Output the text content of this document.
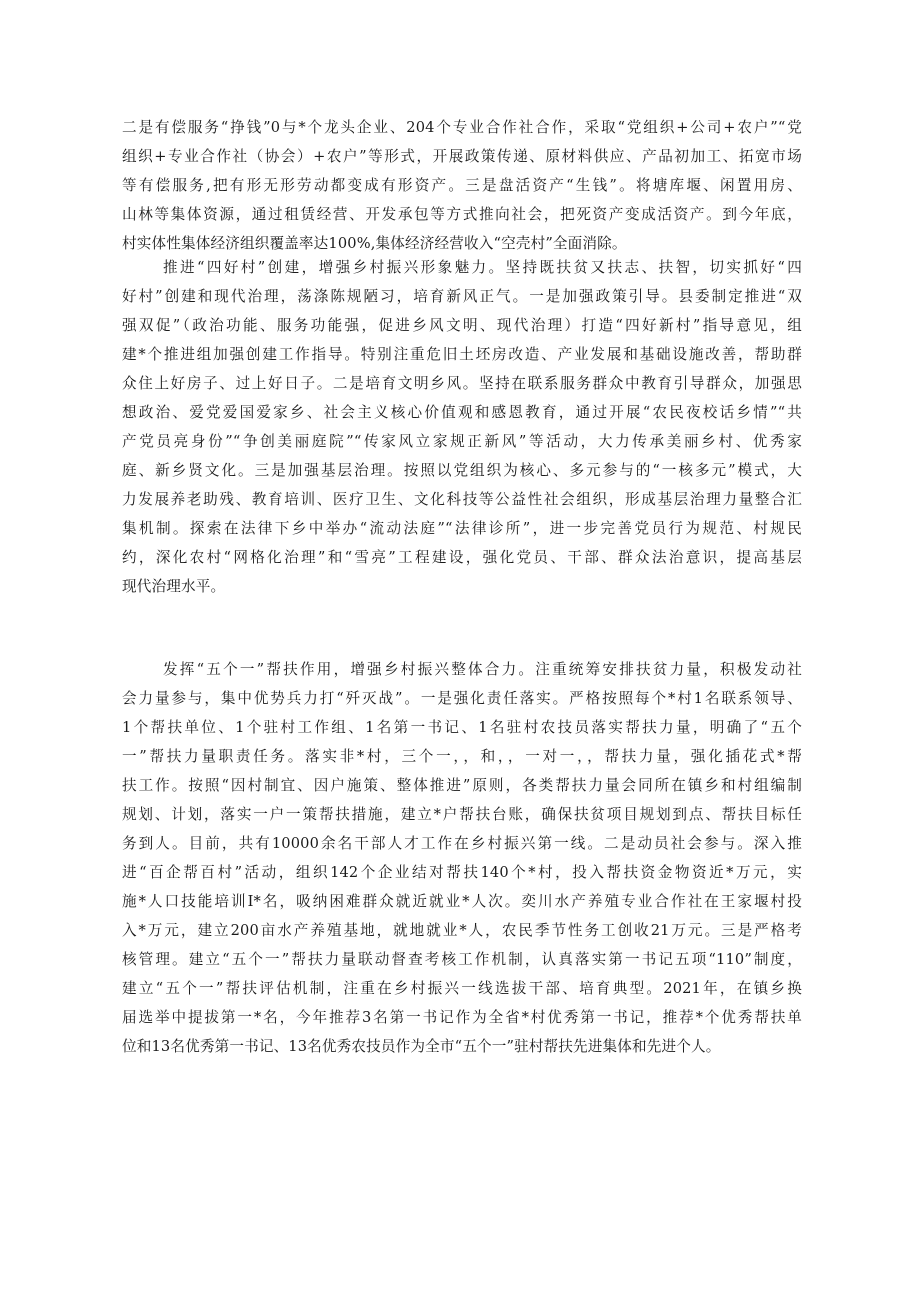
二是有偿服务“挣钱”0与*个龙头企业、204个专业合作社合作，采取“党组织+公司+农户”“党
组织+专业合作社（协会）+农户”等形式，开展政策传递、原材料供应、产品初加工、拓宽市场
等有偿服务,把有形无形劳动都变成有形资产。三是盘活资产“生钱”。将塘库堰、闲置用房、
山林等集体资源，通过租赁经营、开发承包等方式推向社会，把死资产变成活资产。到今年底，
村实体性集体经济组织覆盖率达100%,集体经济经营收入“空壳村”全面消除。
推进“四好村”创建，增强乡村振兴形象魅力。坚持既扶贫又扶志、扶智，切实抓好“四
好村”创建和现代治理，荡涤陈规陋习，培育新风正气。一是加强政策引导。县委制定推进“双
强双促”（政治功能、服务功能强，促进乡风文明、现代治理）打造“四好新村”指导意见，组
建*个推进组加强创建工作指导。特别注重危旧土坯房改造、产业发展和基础设施改善，帮助群
众住上好房子、过上好日子。二是培育文明乡风。坚持在联系服务群众中教育引导群众，加强思
想政治、爱党爱国爱家乡、社会主义核心价值观和感恩教育，通过开展“农民夜校话乡情”“共
产党员亮身份”“争创美丽庭院”“传家风立家规正新风”等活动，大力传承美丽乡村、优秀家
庭、新乡贤文化。三是加强基层治理。按照以党组织为核心、多元参与的“一核多元”模式，大
力发展养老助残、教育培训、医疗卫生、文化科技等公益性社会组织，形成基层治理力量整合汇
集机制。探索在法律下乡中举办“流动法庭”“法律诊所”，进一步完善党员行为规范、村规民
约，深化农村“网格化治理”和“雪亮”工程建设，强化党员、干部、群众法治意识，提高基层
现代治理水平。
发挥“五个一”帮扶作用，增强乡村振兴整体合力。注重统筹安排扶贫力量，积极发动社
会力量参与，集中优势兵力打“歼灭战”。一是强化责任落实。严格按照每个*村1名联系领导、
1个帮扶单位、1个驻村工作组、1名第一书记、1名驻村农技员落实帮扶力量，明确了“五个
一”帮扶力量职责任务。落实非*村，三个一，，和，，一对一，，帮扶力量，强化插花式*帮
扶工作。按照“因村制宜、因户施策、整体推进”原则，各类帮扶力量会同所在镇乡和村组编制
规划、计划，落实一户一策帮扶措施，建立*户帮扶台账，确保扶贫项目规划到点、帮扶目标任
务到人。目前，共有10000余名干部人才工作在乡村振兴第一线。二是动员社会参与。深入推
进“百企帮百村”活动，组织142个企业结对帮扶140个*村，投入帮扶资金物资近*万元，实
施*人口技能培训I*名，吸纳困难群众就近就业*人次。奕川水产养殖专业合作社在王家堰村投
入*万元，建立200亩水产养殖基地，就地就业*人，农民季节性务工创收21万元。三是严格考
核管理。建立“五个一”帮扶力量联动督查考核工作机制，认真落实第一书记五项“110”制度，
建立“五个一”帮扶评估机制，注重在乡村振兴一线选拔干部、培育典型。2021年，在镇乡换
届选举中提拔第一*名，今年推荐3名第一书记作为全省*村优秀第一书记，推荐*个优秀帮扶单
位和13名优秀第一书记、13名优秀农技员作为全市“五个一”驻村帮扶先进集体和先进个人。
